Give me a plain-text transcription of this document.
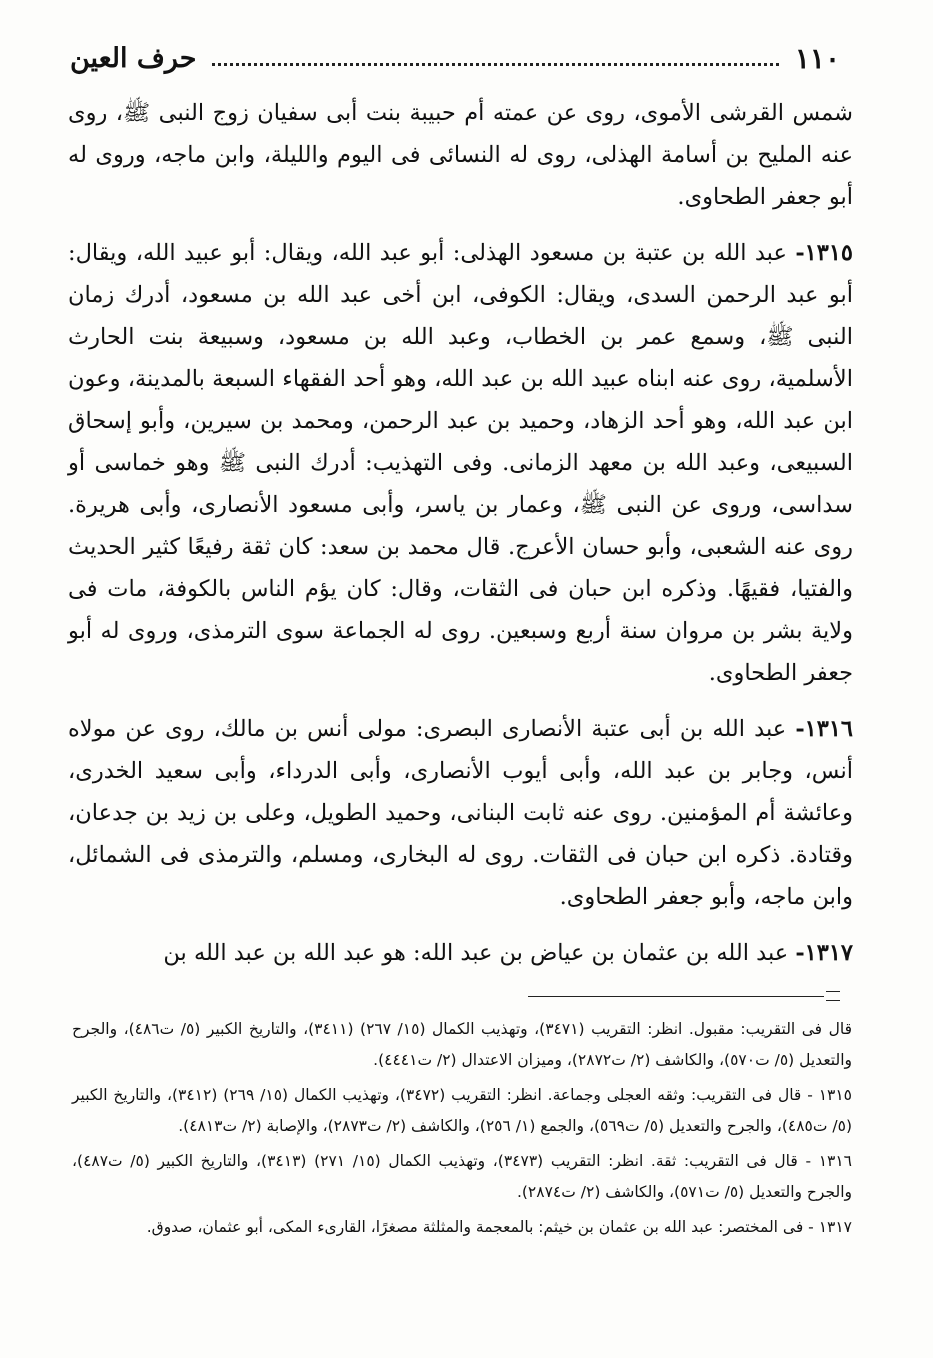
١١٠
حرف العين

شمس القرشى الأموى، روى عن عمته أم حبيبة بنت أبى سفيان زوج النبى ﷺ، روى عنه المليح بن أسامة الهذلى، روى له النسائى فى اليوم والليلة، وابن ماجه، وروى له أبو جعفر الطحاوى.

١٣١٥- عبد الله بن عتبة بن مسعود الهذلى: أبو عبد الله، ويقال: أبو عبيد الله، ويقال: أبو عبد الرحمن السدى، ويقال: الكوفى، ابن أخى عبد الله بن مسعود، أدرك زمان النبى ﷺ، وسمع عمر بن الخطاب، وعبد الله بن مسعود، وسبيعة بنت الحارث الأسلمية، روى عنه ابناه عبيد الله بن عبد الله، وهو أحد الفقهاء السبعة بالمدينة، وعون ابن عبد الله، وهو أحد الزهاد، وحميد بن عبد الرحمن، ومحمد بن سيرين، وأبو إسحاق السبيعى، وعبد الله بن معهد الزمانى. وفى التهذيب: أدرك النبى ﷺ وهو خماسى أو سداسى، وروى عن النبى ﷺ، وعمار بن ياسر، وأبى مسعود الأنصارى، وأبى هريرة. روى عنه الشعبى، وأبو حسان الأعرج. قال محمد بن سعد: كان ثقة رفيعًا كثير الحديث والفتيا، فقيهًا. وذكره ابن حبان فى الثقات، وقال: كان يؤم الناس بالكوفة، مات فى ولاية بشر بن مروان سنة أربع وسبعين. روى له الجماعة سوى الترمذى، وروى له أبو جعفر الطحاوى.

١٣١٦- عبد الله بن أبى عتبة الأنصارى البصرى: مولى أنس بن مالك، روى عن مولاه أنس، وجابر بن عبد الله، وأبى أيوب الأنصارى، وأبى الدرداء، وأبى سعيد الخدرى، وعائشة أم المؤمنين. روى عنه ثابت البنانى، وحميد الطويل، وعلى بن زيد بن جدعان، وقتادة. ذكره ابن حبان فى الثقات. روى له البخارى، ومسلم، والترمذى فى الشمائل، وابن ماجه، وأبو جعفر الطحاوى.

١٣١٧- عبد الله بن عثمان بن عياض بن عبد الله: هو عبد الله بن عبد الله بن

قال فى التقريب: مقبول. انظر: التقريب (٣٤٧١)، وتهذيب الكمال (١٥/ ٢٦٧) (٣٤١١)، والتاريخ الكبير (٥/ ت٤٨٦)، والجرح والتعديل (٥/ ت٥٧٠)، والكاشف (٢/ ت٢٨٧٢)، وميزان الاعتدال (٢/ ت٤٤٤١).

١٣١٥ - قال فى التقريب: وثقه العجلى وجماعة. انظر: التقريب (٣٤٧٢)، وتهذيب الكمال (١٥/ ٢٦٩) (٣٤١٢)، والتاريخ الكبير (٥/ ت٤٨٥)، والجرح والتعديل (٥/ ت٥٦٩)، والجمع (١/ ٢٥٦)، والكاشف (٢/ ت٢٨٧٣)، والإصابة (٢/ ت٤٨١٣).

١٣١٦ - قال فى التقريب: ثقة. انظر: التقريب (٣٤٧٣)، وتهذيب الكمال (١٥/ ٢٧١) (٣٤١٣)، والتاريخ الكبير (٥/ ت٤٨٧)، والجرح والتعديل (٥/ ت٥٧١)، والكاشف (٢/ ت٢٨٧٤).

١٣١٧ - فى المختصر: عبد الله بن عثمان بن خيثم: بالمعجمة والمثلثة مصغرًا، القارىء المكى، أبو عثمان، صدوق.
